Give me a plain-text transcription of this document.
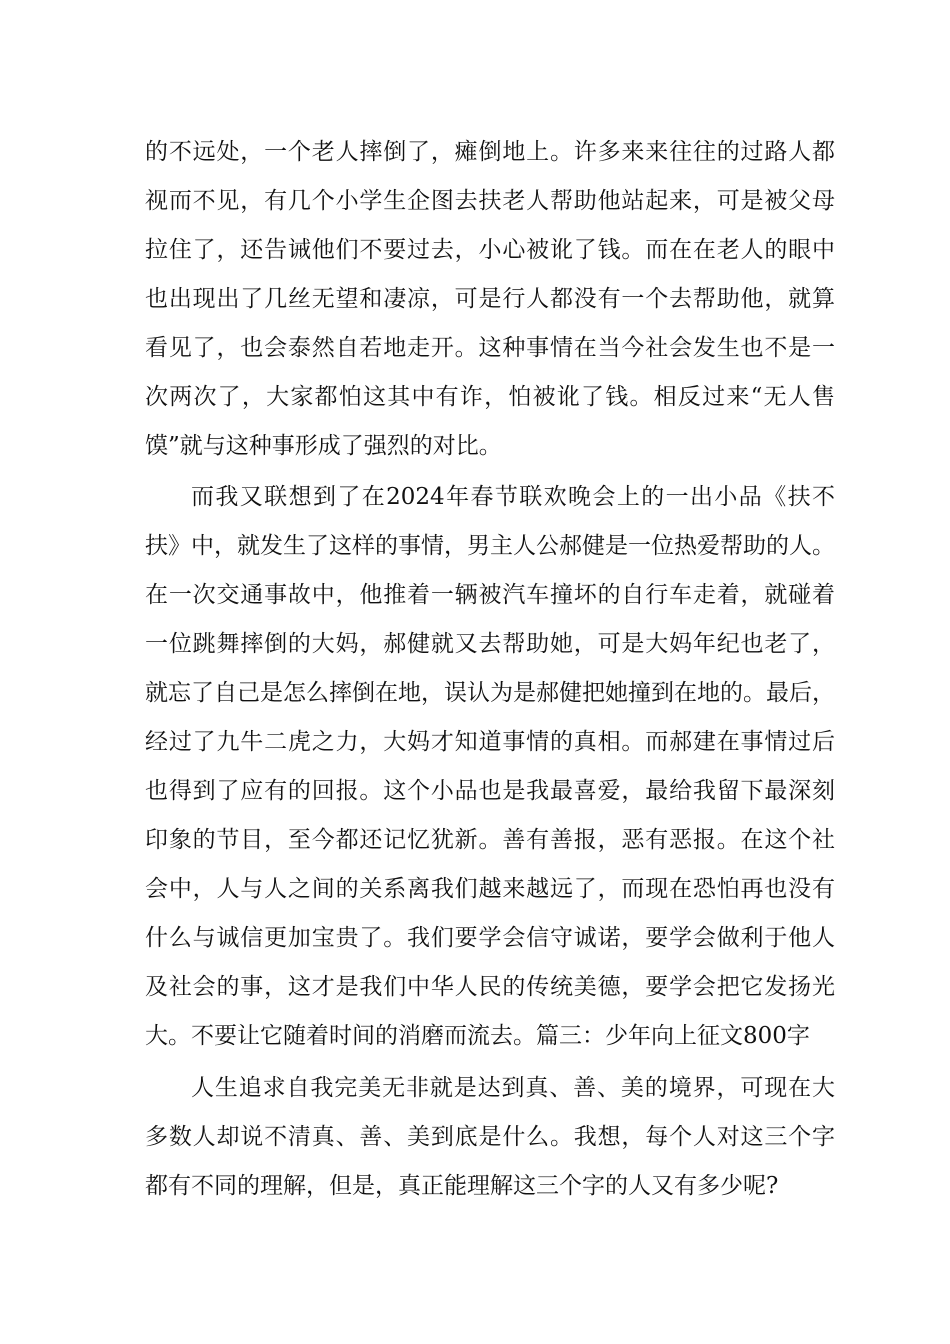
的不远处，一个老人摔倒了，瘫倒地上。许多来来往往的过路人都
视而不见，有几个小学生企图去扶老人帮助他站起来，可是被父母
拉住了，还告诫他们不要过去，小心被讹了钱。而在在老人的眼中
也出现出了几丝无望和凄凉，可是行人都没有一个去帮助他，就算
看见了，也会泰然自若地走开。这种事情在当今社会发生也不是一
次两次了，大家都怕这其中有诈，怕被讹了钱。相反过来“无人售
馍”就与这种事形成了强烈的对比。
而我又联想到了在2024年春节联欢晚会上的一出小品《扶不
扶》中，就发生了这样的事情，男主人公郝健是一位热爱帮助的人。
在一次交通事故中，他推着一辆被汽车撞坏的自行车走着，就碰着
一位跳舞摔倒的大妈，郝健就又去帮助她，可是大妈年纪也老了，
就忘了自己是怎么摔倒在地，误认为是郝健把她撞到在地的。最后，
经过了九牛二虎之力，大妈才知道事情的真相。而郝建在事情过后
也得到了应有的回报。这个小品也是我最喜爱，最给我留下最深刻
印象的节目，至今都还记忆犹新。善有善报，恶有恶报。在这个社
会中，人与人之间的关系离我们越来越远了，而现在恐怕再也没有
什么与诚信更加宝贵了。我们要学会信守诚诺，要学会做利于他人
及社会的事，这才是我们中华人民的传统美德，要学会把它发扬光
大。不要让它随着时间的消磨而流去。篇三：少年向上征文800字
人生追求自我完美无非就是达到真、善、美的境界，可现在大
多数人却说不清真、善、美到底是什么。我想，每个人对这三个字
都有不同的理解，但是，真正能理解这三个字的人又有多少呢?
